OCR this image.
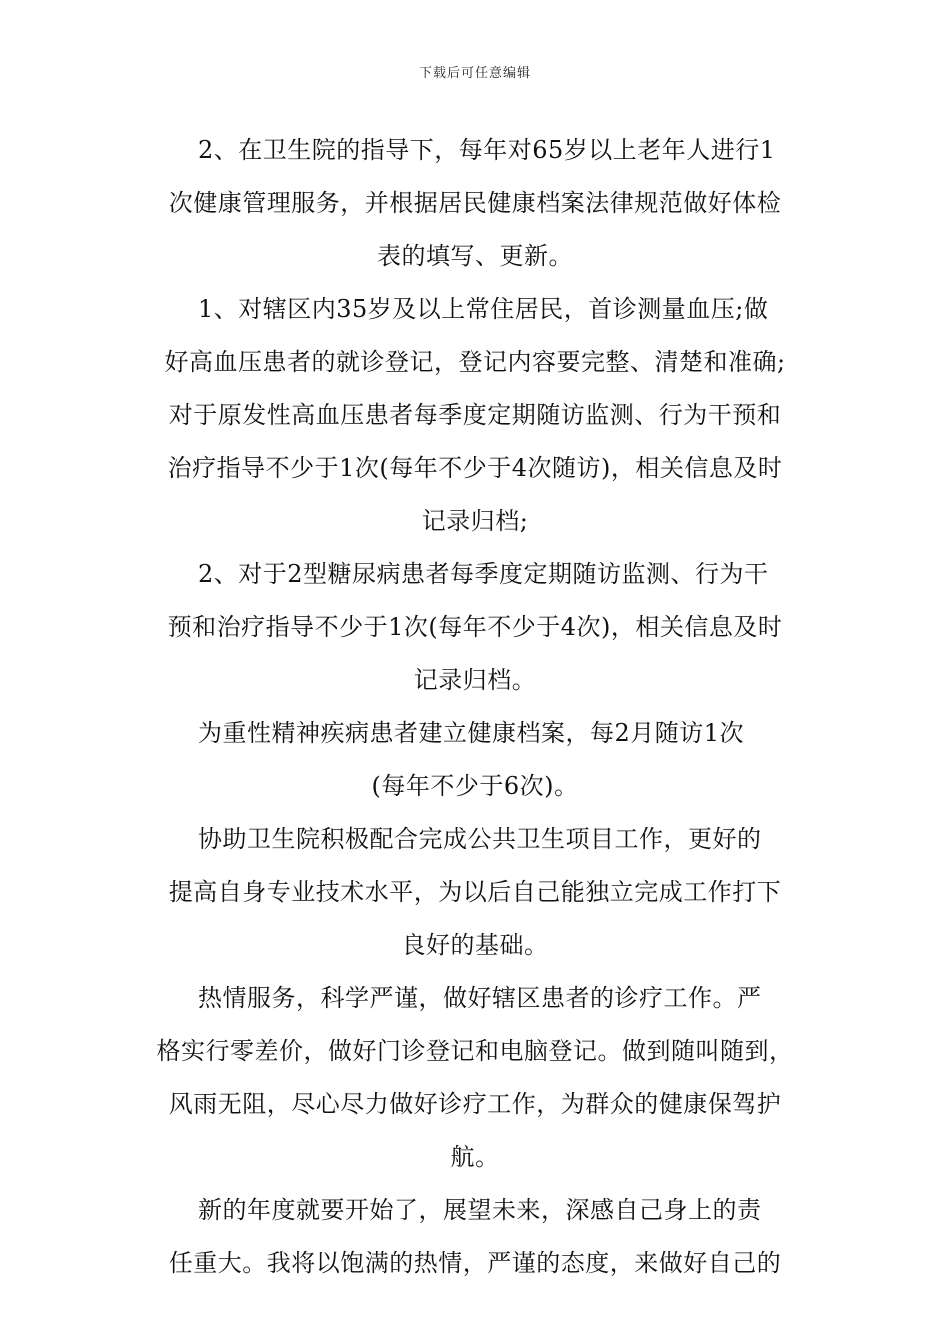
下载后可任意编辑
2、在卫生院的指导下，每年对65岁以上老年人进行1
次健康管理服务，并根据居民健康档案法律规范做好体检
表的填写、更新。
1、对辖区内35岁及以上常住居民，首诊测量血压;做
好高血压患者的就诊登记，登记内容要完整、清楚和准确;
对于原发性高血压患者每季度定期随访监测、行为干预和
治疗指导不少于1次(每年不少于4次随访)，相关信息及时
记录归档;
2、对于2型糖尿病患者每季度定期随访监测、行为干
预和治疗指导不少于1次(每年不少于4次)，相关信息及时
记录归档。
为重性精神疾病患者建立健康档案，每2月随访1次
(每年不少于6次)。
协助卫生院积极配合完成公共卫生项目工作，更好的
提高自身专业技术水平，为以后自己能独立完成工作打下
良好的基础。
热情服务，科学严谨，做好辖区患者的诊疗工作。严
格实行零差价，做好门诊登记和电脑登记。做到随叫随到，
风雨无阻，尽心尽力做好诊疗工作，为群众的健康保驾护
航。
新的年度就要开始了，展望未来，深感自己身上的责
任重大。我将以饱满的热情，严谨的态度，来做好自己的
